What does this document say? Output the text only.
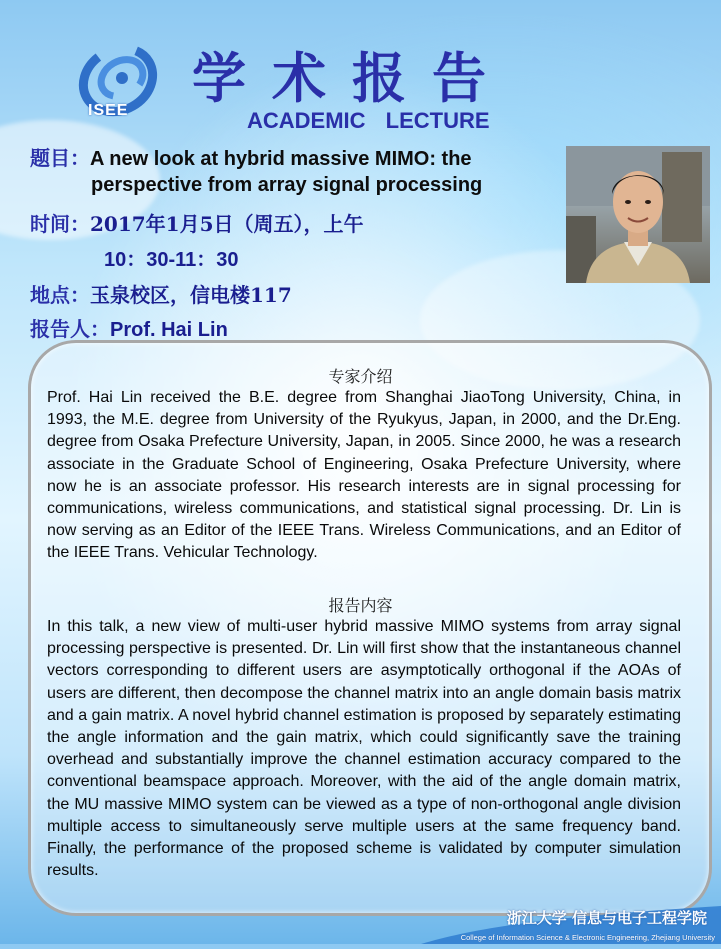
ISEE
学术报告
ACADEMIC LECTURE
题目：A new look at hybrid massive MIMO: the
perspective from array signal processing
时间：2017年1月5日（周五），上午
10：30-11：30
地点：玉泉校区，信电楼117
报告人：Prof. Hai Lin
专家介绍
Prof. Hai Lin received the B.E. degree from Shanghai JiaoTong University, China, in 1993, the M.E. degree from University of the Ryukyus, Japan, in 2000, and the Dr.Eng. degree from Osaka Prefecture University, Japan, in 2005. Since 2000, he was a research associate in the Graduate School of Engineering, Osaka Prefecture University, where now he is an associate professor. His research interests are in signal processing for communications, wireless communications, and statistical signal processing. Dr. Lin is now serving as an Editor of the IEEE Trans. Wireless Communications, and an Editor of the IEEE Trans. Vehicular Technology.
报告内容
In this talk, a new view of multi-user hybrid massive MIMO systems from array signal processing perspective is presented. Dr. Lin will first show that the instantaneous channel vectors corresponding to different users are asymptotically orthogonal if the AOAs of users are different, then decompose the channel matrix into an angle domain basis matrix and a gain matrix. A novel hybrid channel estimation is proposed by separately estimating the angle information and the gain matrix, which could significantly save the training overhead and substantially improve the channel estimation accuracy compared to the conventional beamspace approach. Moreover, with the aid of the angle domain matrix, the MU massive MIMO system can be viewed as a type of non-orthogonal angle division multiple access to simultaneously serve multiple users at the same frequency band. Finally, the performance of the proposed scheme is validated by computer simulation results.
浙江大学 信息与电子工程学院
College of Information Science & Electronic Engineering, Zhejiang University
